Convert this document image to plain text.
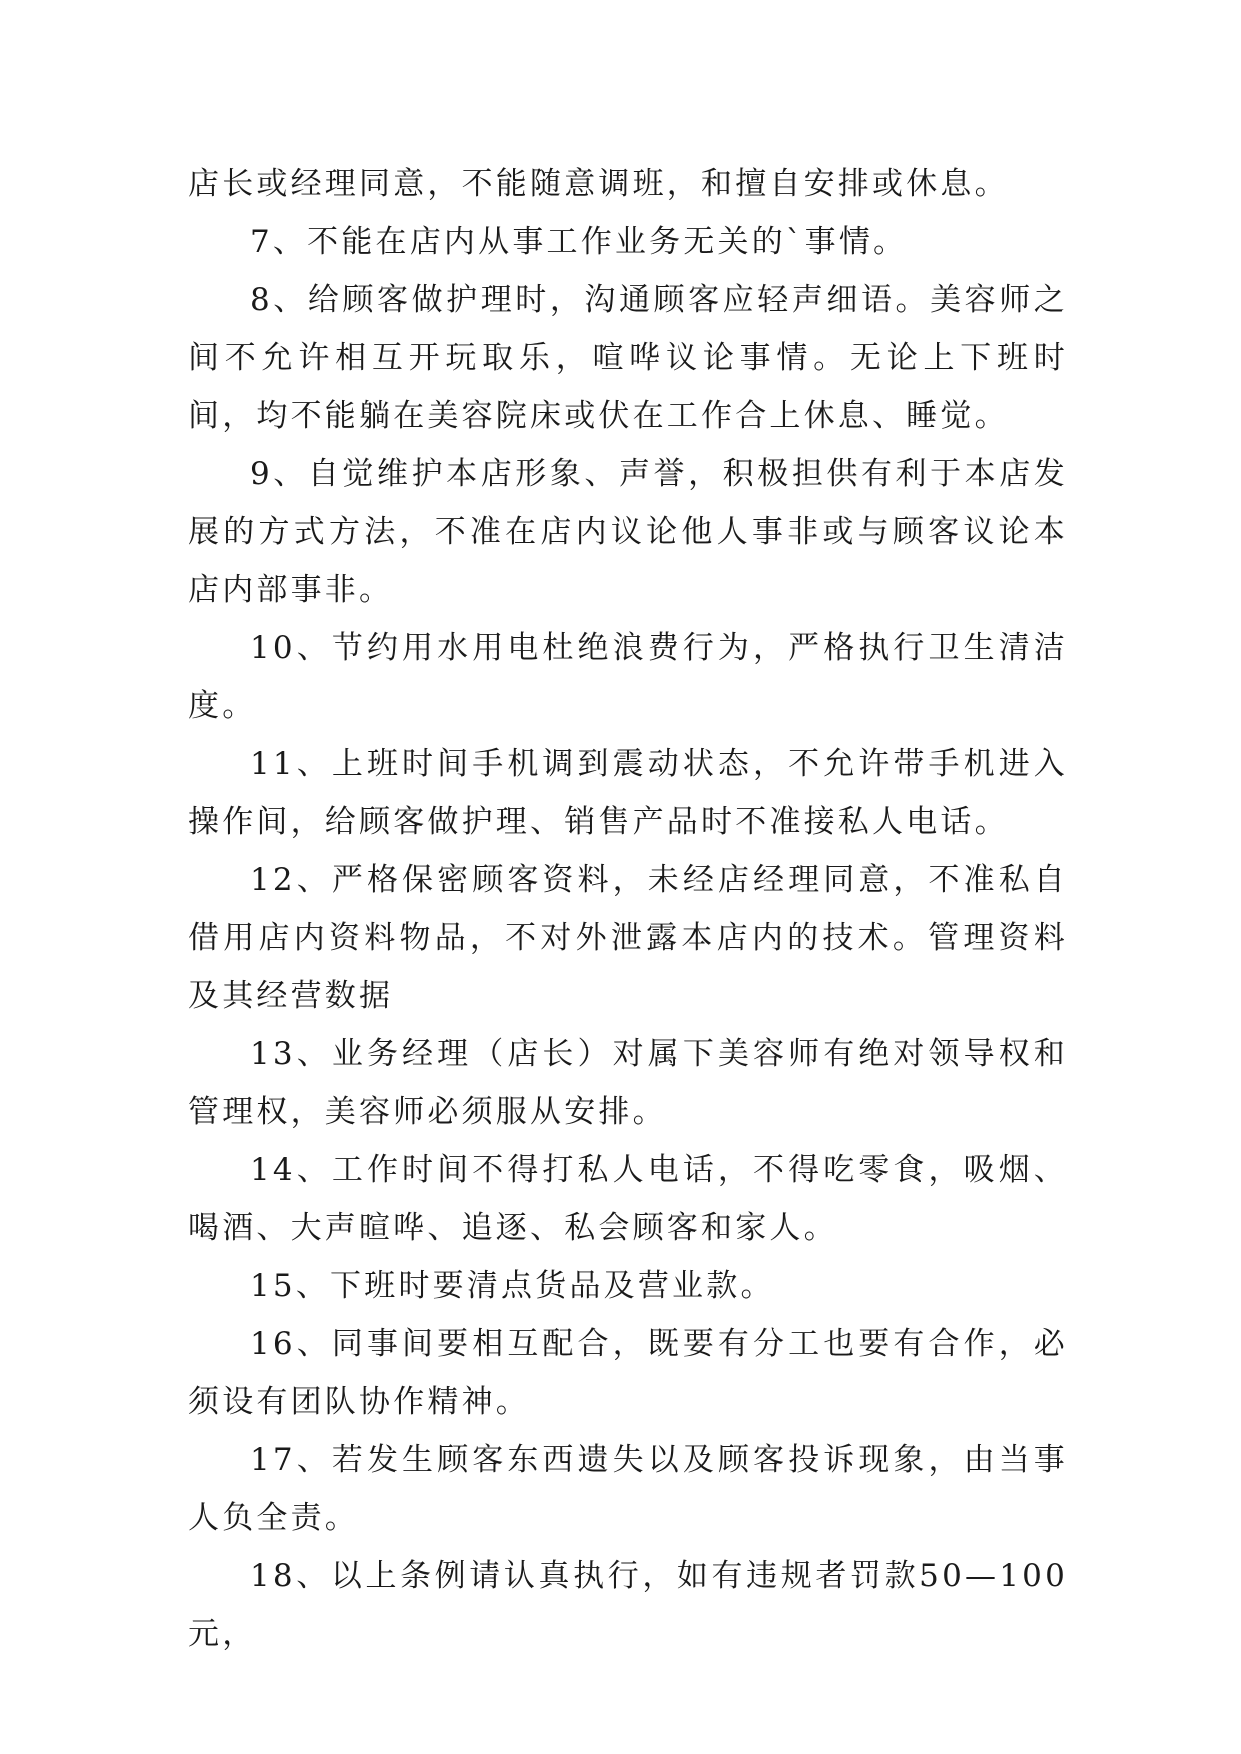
店长或经理同意，不能随意调班，和擅自安排或休息。

7、不能在店内从事工作业务无关的`事情。

8、给顾客做护理时，沟通顾客应轻声细语。美容师之间不允许相互开玩取乐，喧哗议论事情。无论上下班时间，均不能躺在美容院床或伏在工作合上休息、睡觉。

9、自觉维护本店形象、声誉，积极担供有利于本店发展的方式方法，不准在店内议论他人事非或与顾客议论本店内部事非。

10、节约用水用电杜绝浪费行为，严格执行卫生清洁度。

11、上班时间手机调到震动状态，不允许带手机进入操作间，给顾客做护理、销售产品时不准接私人电话。

12、严格保密顾客资料，未经店经理同意，不准私自借用店内资料物品，不对外泄露本店内的技术。管理资料及其经营数据

13、业务经理（店长）对属下美容师有绝对领导权和管理权，美容师必须服从安排。

14、工作时间不得打私人电话，不得吃零食，吸烟、喝酒、大声暄哗、追逐、私会顾客和家人。

15、下班时要清点货品及营业款。

16、同事间要相互配合，既要有分工也要有合作，必须设有团队协作精神。

17、若发生顾客东西遗失以及顾客投诉现象，由当事人负全责。

18、以上条例请认真执行，如有违规者罚款50—100元，
